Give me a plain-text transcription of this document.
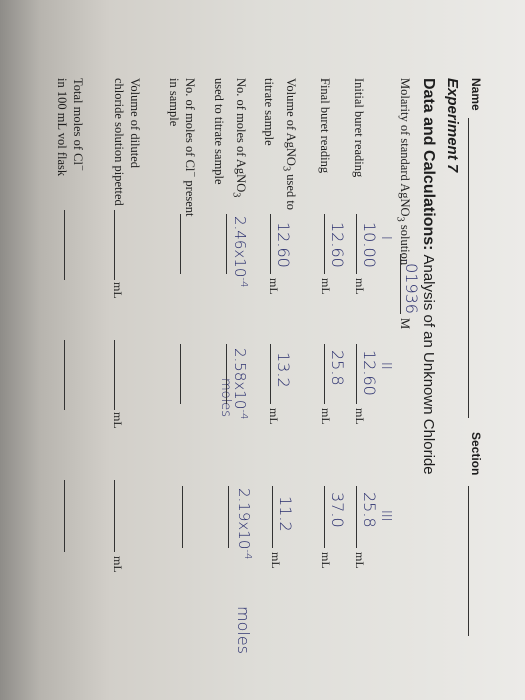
Name
Section
Experiment 7
Data and Calculations: Analysis of an Unknown Chloride
Molarity of standard AgNO$_3$ solution
.01936
M
I
II
III
Initial buret reading
10.00
mL
12.60
mL
25.8
mL
Final buret reading
12.60
mL
25.8
mL
37.0
mL
Volume of AgNO$_3$ used to
titrate sample
12.60
mL
13.2
mL
11.2
mL
No. of moles of AgNO$_3$
used to titrate sample
$2.46x10^{-4}$
$2.58x10^{-4}$
moles
$2.19x10^{-4}$
moles
No. of moles of Cl− present
in sample
Volume of diluted
chloride solution pipetted
mL
mL
mL
Total moles of Cl−
in 100 mL vol flask
